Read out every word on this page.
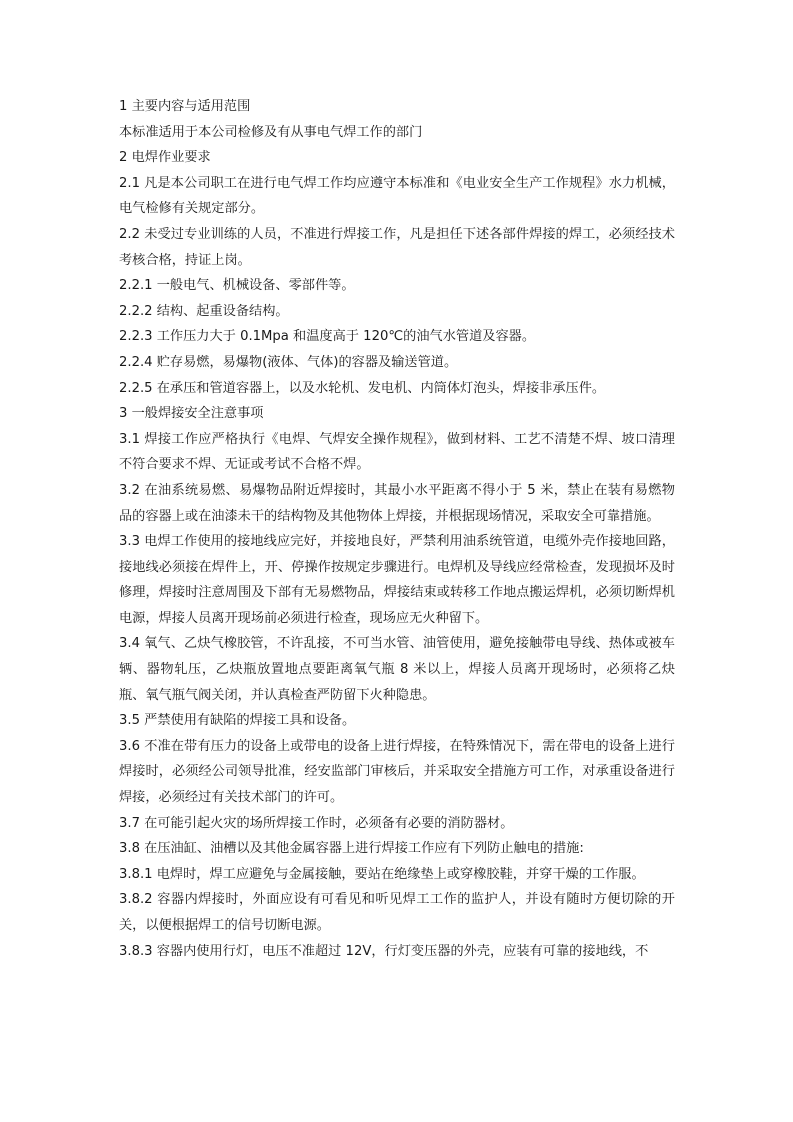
1 主要内容与适用范围

本标准适用于本公司检修及有从事电气焊工作的部门

2 电焊作业要求

2.1 凡是本公司职工在进行电气焊工作均应遵守本标准和《电业安全生产工作规程》水力机械，电气检修有关规定部分。

2.2 未受过专业训练的人员，不准进行焊接工作，凡是担任下述各部件焊接的焊工，必须经技术考核合格，持证上岗。

2.2.1 一般电气、机械设备、零部件等。

2.2.2 结构、起重设备结构。

2.2.3 工作压力大于 0.1Mpa 和温度高于 120℃的油气水管道及容器。

2.2.4 贮存易燃，易爆物(液体、气体)的容器及输送管道。

2.2.5 在承压和管道容器上，以及水轮机、发电机、内筒体灯泡头，焊接非承压件。

3 一般焊接安全注意事项

3.1 焊接工作应严格执行《电焊、气焊安全操作规程》，做到材料、工艺不清楚不焊、坡口清理不符合要求不焊、无证或考试不合格不焊。

3.2 在油系统易燃、易爆物品附近焊接时，其最小水平距离不得小于 5 米，禁止在装有易燃物品的容器上或在油漆未干的结构物及其他物体上焊接，并根据现场情况，采取安全可靠措施。

3.3 电焊工作使用的接地线应完好，并接地良好，严禁利用油系统管道，电缆外壳作接地回路，接地线必须接在焊件上，开、停操作按规定步骤进行。电焊机及导线应经常检查，发现损坏及时修理，焊接时注意周围及下部有无易燃物品，焊接结束或转移工作地点搬运焊机，必须切断焊机电源，焊接人员离开现场前必须进行检查，现场应无火种留下。

3.4 氧气、乙炔气橡胶管，不许乱接，不可当水管、油管使用，避免接触带电导线、热体或被车辆、器物轧压，乙炔瓶放置地点要距离氧气瓶 8 米以上，焊接人员离开现场时，必须将乙炔瓶、氧气瓶气阀关闭，并认真检查严防留下火种隐患。

3.5 严禁使用有缺陷的焊接工具和设备。

3.6 不准在带有压力的设备上或带电的设备上进行焊接，在特殊情况下，需在带电的设备上进行焊接时，必须经公司领导批准，经安监部门审核后，并采取安全措施方可工作，对承重设备进行焊接，必须经过有关技术部门的许可。

3.7 在可能引起火灾的场所焊接工作时，必须备有必要的消防器材。

3.8 在压油缸、油槽以及其他金属容器上进行焊接工作应有下列防止触电的措施:

3.8.1 电焊时，焊工应避免与金属接触，要站在绝缘垫上或穿橡胶鞋，并穿干燥的工作服。

3.8.2 容器内焊接时，外面应设有可看见和听见焊工工作的监护人，并设有随时方便切除的开关，以便根据焊工的信号切断电源。

3.8.3 容器内使用行灯，电压不准超过 12V，行灯变压器的外壳，应装有可靠的接地线，不
